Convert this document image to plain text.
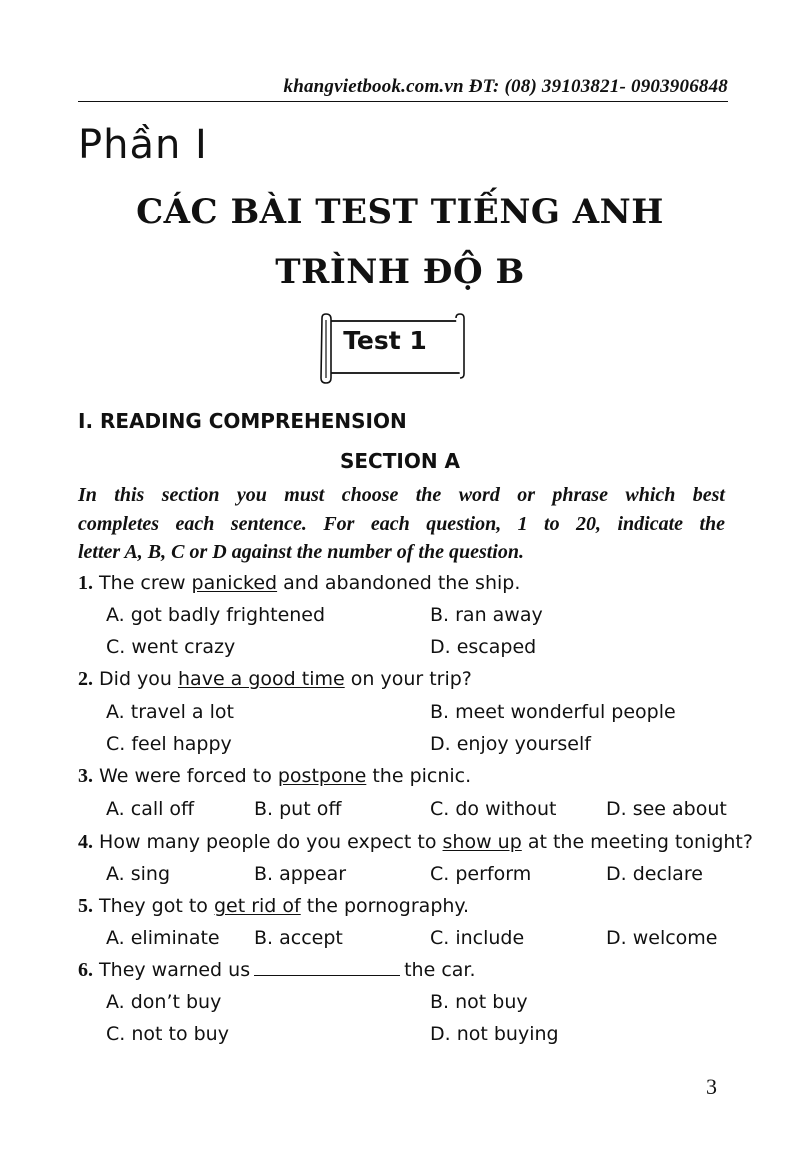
khangvietbook.com.vn ĐT: (08) 39103821- 0903906848
Phần I
CÁC BÀI TEST TIẾNG ANH
TRÌNH ĐỘ B
Test 1
I. READING COMPREHENSION
SECTION A
In this section you must choose the word or phrase which best
completes each sentence. For each question, 1 to 20, indicate the
letter A, B, C or D against the number of the question.
1. The crew panicked and abandoned the ship.
A. got badly frightened	B. ran away
C. went crazy	D. escaped
2. Did you have a good time on your trip?
A. travel a lot	B. meet wonderful people
C. feel happy	D. enjoy yourself
3. We were forced to postpone the picnic.
A. call off	B. put off	C. do without	D. see about
4. How many people do you expect to show up at the meeting tonight?
A. sing	B. appear	C. perform	D. declare
5. They got to get rid of the pornography.
A. eliminate B. accept	C. include	D. welcome
6. They warned us	the car.
A. don’t buy	B. not buy
C. not to buy	D. not buying
3
